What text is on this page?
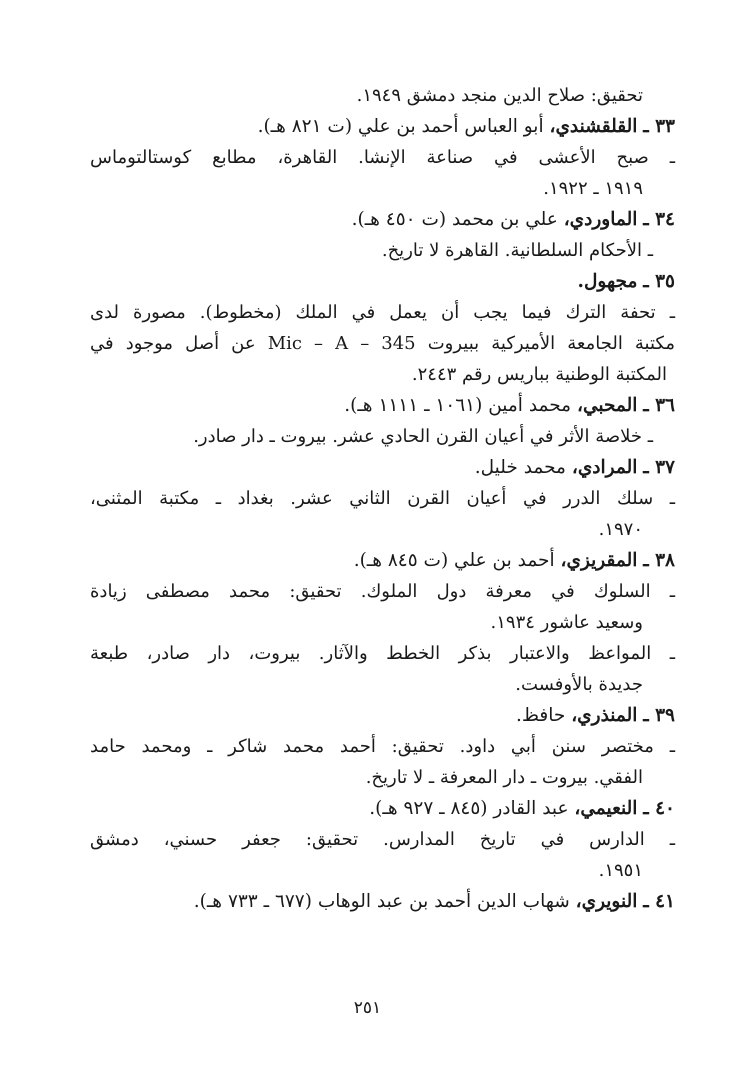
تحقيق: صلاح الدين منجد دمشق ١٩٤٩.
٣٣ ـ القلقشندي، أبو العباس أحمد بن علي (ت ٨٢١ هـ).
ـ صبح الأعشى في صناعة الإنشا. القاهرة، مطابع كوستالتوماس
١٩١٩ ـ ١٩٢٢.
٣٤ ـ الماوردي، علي بن محمد (ت ٤٥٠ هـ).
ـ الأحكام السلطانية. القاهرة لا تاريخ.
٣٥ ـ مجهول.
ـ تحفة الترك فيما يجب أن يعمل في الملك (مخطوط). مصورة لدى
مكتبة الجامعة الأميركية ببيروت Mic – A – 345 عن أصل موجود في
المكتبة الوطنية بباريس رقم ٢٤٤٣.
٣٦ ـ المحبي، محمد أمين (١٠٦١ ـ ١١١١ هـ).
ـ خلاصة الأثر في أعيان القرن الحادي عشر. بيروت ـ دار صادر.
٣٧ ـ المرادي، محمد خليل.
ـ سلك الدرر في أعيان القرن الثاني عشر. بغداد ـ مكتبة المثنى،
١٩٧٠.
٣٨ ـ المقريزي، أحمد بن علي (ت ٨٤٥ هـ).
ـ السلوك في معرفة دول الملوك. تحقيق: محمد مصطفى زيادة
وسعيد عاشور ١٩٣٤.
ـ المواعظ والاعتبار بذكر الخطط والآثار. بيروت، دار صادر، طبعة
جديدة بالأوفست.
٣٩ ـ المنذري، حافظ.
ـ مختصر سنن أبي داود. تحقيق: أحمد محمد شاكر ـ ومحمد حامد
الفقي. بيروت ـ دار المعرفة ـ لا تاريخ.
٤٠ ـ النعيمي، عبد القادر (٨٤٥ ـ ٩٢٧ هـ).
ـ الدارس في تاريخ المدارس. تحقيق: جعفر حسني، دمشق
١٩٥١.
٤١ ـ النويري، شهاب الدين أحمد بن عبد الوهاب (٦٧٧ ـ ٧٣٣ هـ).
٢٥١
